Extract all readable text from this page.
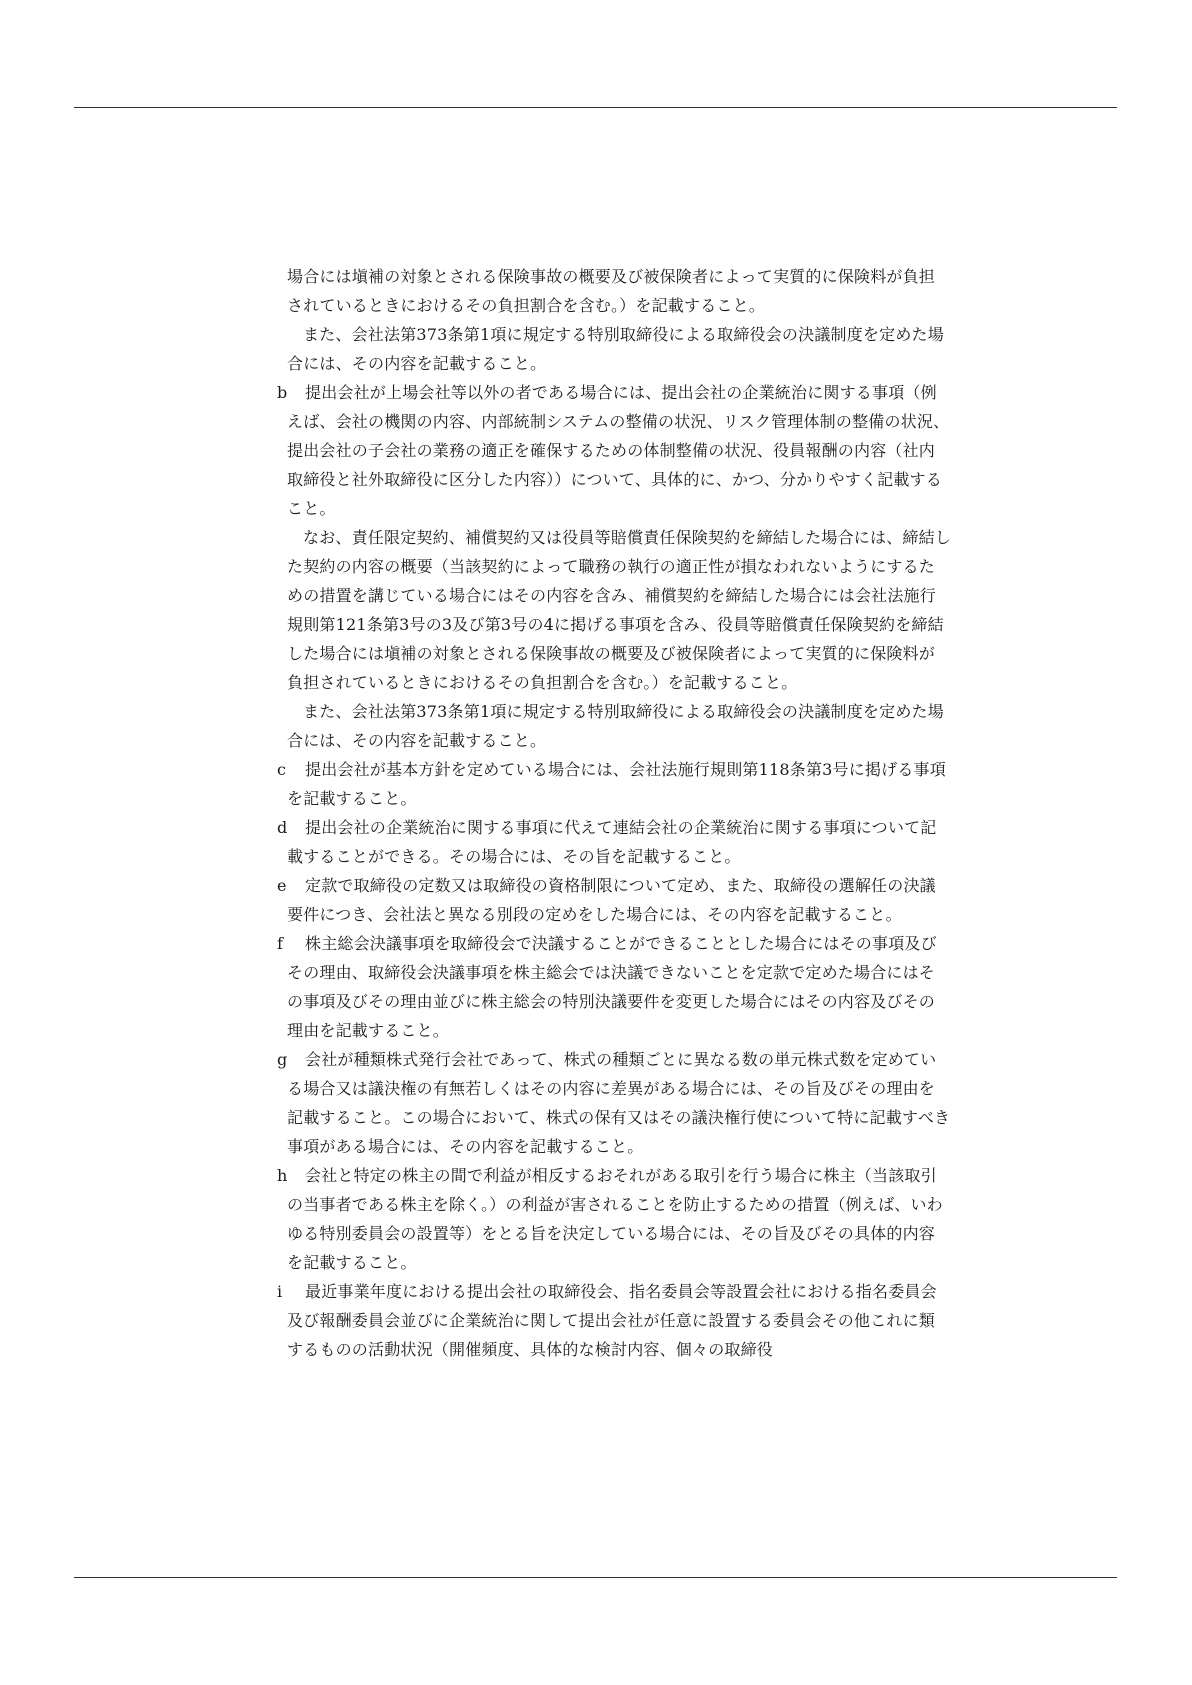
場合には塡補の対象とされる保険事故の概要及び被保険者によって実質的に保険料が負担されているときにおけるその負担割合を含む。）を記載すること。

また、会社法第373条第1項に規定する特別取締役による取締役会の決議制度を定めた場合には、その内容を記載すること。

b	提出会社が上場会社等以外の者である場合には、提出会社の企業統治に関する事項（例えば、会社の機関の内容、内部統制システムの整備の状況、リスク管理体制の整備の状況、提出会社の子会社の業務の適正を確保するための体制整備の状況、役員報酬の内容（社内取締役と社外取締役に区分した内容））について、具体的に、かつ、分かりやすく記載すること。

なお、責任限定契約、補償契約又は役員等賠償責任保険契約を締結した場合には、締結した契約の内容の概要（当該契約によって職務の執行の適正性が損なわれないようにするための措置を講じている場合にはその内容を含み、補償契約を締結した場合には会社法施行規則第121条第3号の3及び第3号の4に掲げる事項を含み、役員等賠償責任保険契約を締結した場合には塡補の対象とされる保険事故の概要及び被保険者によって実質的に保険料が負担されているときにおけるその負担割合を含む。）を記載すること。

また、会社法第373条第1項に規定する特別取締役による取締役会の決議制度を定めた場合には、その内容を記載すること。

c	提出会社が基本方針を定めている場合には、会社法施行規則第118条第3号に掲げる事項を記載すること。
d	提出会社の企業統治に関する事項に代えて連結会社の企業統治に関する事項について記載することができる。その場合には、その旨を記載すること。
e	定款で取締役の定数又は取締役の資格制限について定め、また、取締役の選解任の決議要件につき、会社法と異なる別段の定めをした場合には、その内容を記載すること。
f	株主総会決議事項を取締役会で決議することができることとした場合にはその事項及びその理由、取締役会決議事項を株主総会では決議できないことを定款で定めた場合にはその事項及びその理由並びに株主総会の特別決議要件を変更した場合にはその内容及びその理由を記載すること。
g	会社が種類株式発行会社であって、株式の種類ごとに異なる数の単元株式数を定めている場合又は議決権の有無若しくはその内容に差異がある場合には、その旨及びその理由を記載すること。この場合において、株式の保有又はその議決権行使について特に記載すべき事項がある場合には、その内容を記載すること。
h	会社と特定の株主の間で利益が相反するおそれがある取引を行う場合に株主（当該取引の当事者である株主を除く。）の利益が害されることを防止するための措置（例えば、いわゆる特別委員会の設置等）をとる旨を決定している場合には、その旨及びその具体的内容を記載すること。
i	最近事業年度における提出会社の取締役会、指名委員会等設置会社における指名委員会及び報酬委員会並びに企業統治に関して提出会社が任意に設置する委員会その他これに類するものの活動状況（開催頻度、具体的な検討内容、個々の取締役
